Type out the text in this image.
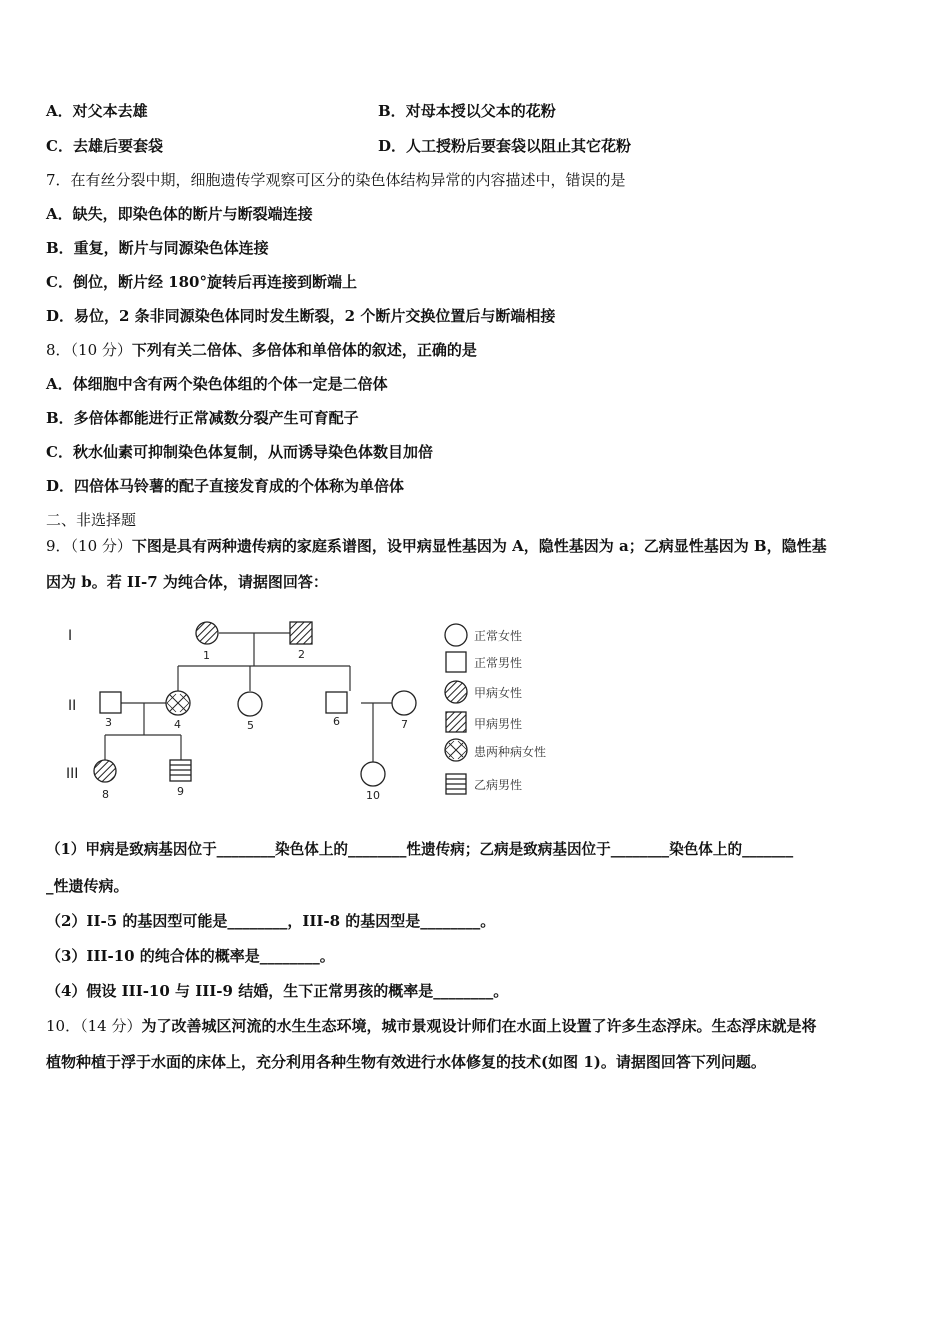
A．对父本去雄	B．对母本授以父本的花粉
C．去雄后要套袋	D．人工授粉后要套袋以阻止其它花粉
7．在有丝分裂中期，细胞遗传学观察可区分的染色体结构异常的内容描述中，错误的是
A．缺失，即染色体的断片与断裂端连接
B．重复，断片与同源染色体连接
C．倒位，断片经 180°旋转后再连接到断端上
D．易位，2 条非同源染色体同时发生断裂，2 个断片交换位置后与断端相接
8．（10 分）下列有关二倍体、多倍体和单倍体的叙述，正确的是
A．体细胞中含有两个染色体组的个体一定是二倍体
B．多倍体都能进行正常减数分裂产生可育配子
C．秋水仙素可抑制染色体复制，从而诱导染色体数目加倍
D．四倍体马铃薯的配子直接发育成的个体称为单倍体
二、非选择题
9．（10 分）下图是具有两种遗传病的家庭系谱图，设甲病显性基因为 A，隐性基因为 a；乙病显性基因为 B，隐性基
因为 b。若 II-7 为纯合体，请据图回答：
I
II
III
1	2
3	4	5	6	7
8	9	10
正常女性
正常男性
甲病女性
甲病男性
患两种病女性
乙病男性
（1）甲病是致病基因位于________染色体上的________性遗传病；乙病是致病基因位于________染色体上的_______
_性遗传病。
（2）II-5 的基因型可能是________，III-8 的基因型是________。
（3）III-10 的纯合体的概率是________。
（4）假设 III-10 与 III-9 结婚，生下正常男孩的概率是________。
10．（14 分）为了改善城区河流的水生生态环境，城市景观设计师们在水面上设置了许多生态浮床。生态浮床就是将
植物种植于浮于水面的床体上，充分利用各种生物有效进行水体修复的技术(如图 1)。请据图回答下列问题。
